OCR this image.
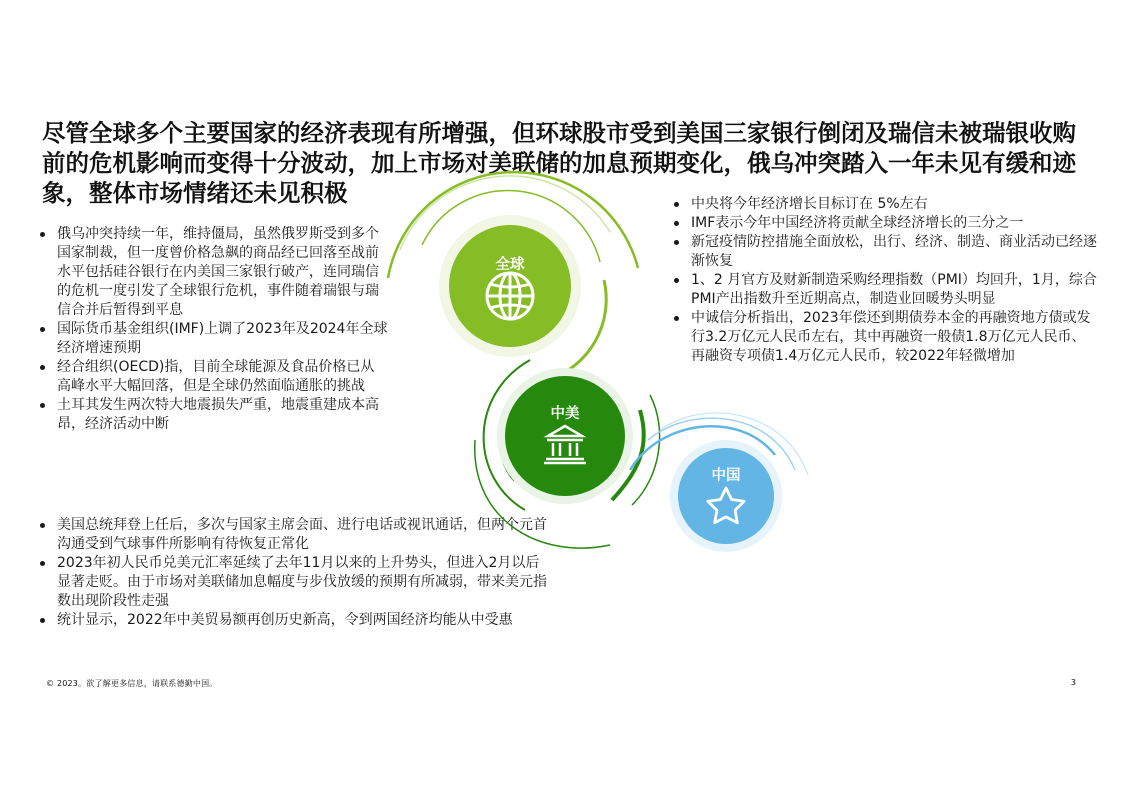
尽管全球多个主要国家的经济表现有所增强，但环球股市受到美国三家银行倒闭及瑞信未被瑞银收购前的危机影响而变得十分波动，加上市场对美联储的加息预期变化，俄乌冲突踏入一年未见有缓和迹象，整体市场情绪还未见积极
俄乌冲突持续一年，维持僵局，虽然俄罗斯受到多个国家制裁，但一度曾价格急飙的商品经已回落至战前水平包括硅谷银行在内美国三家银行破产，连同瑞信的危机一度引发了全球银行危机，事件随着瑞银与瑞信合并后暂得到平息
国际货币基金组织(IMF)上调了2023年及2024年全球经济增速预期
经合组织(OECD)指，目前全球能源及食品价格已从高峰水平大幅回落，但是全球仍然面临通胀的挑战
土耳其发生两次特大地震损失严重，地震重建成本高昂，经济活动中断
美国总统拜登上任后，多次与国家主席会面、进行电话或视讯通话，但两个元首沟通受到气球事件所影响有待恢复正常化
2023年初人民币兑美元汇率延续了去年11月以来的上升势头，但进入2月以后显著走贬。由于市场对美联储加息幅度与步伐放缓的预期有所减弱，带来美元指数出现阶段性走强
统计显示，2022年中美贸易额再创历史新高，令到两国经济均能从中受惠
中央将今年经济增长目标订在 5%左右
IMF表示今年中国经济将贡献全球经济增长的三分之一
新冠疫情防控措施全面放松，出行、经济、制造、商业活动已经逐渐恢复
1、2 月官方及财新制造采购经理指数（PMI）均回升，1月，综合PMI产出指数升至近期高点，制造业回暖势头明显
中诚信分析指出，2023年偿还到期债券本金的再融资地方债或发行3.2万亿元人民币左右，其中再融资一般债1.8万亿元人民币、再融资专项债1.4万亿元人民币，较2022年轻微增加
全球
中美
中国
© 2023。欲了解更多信息，请联系德勤中国。	3
